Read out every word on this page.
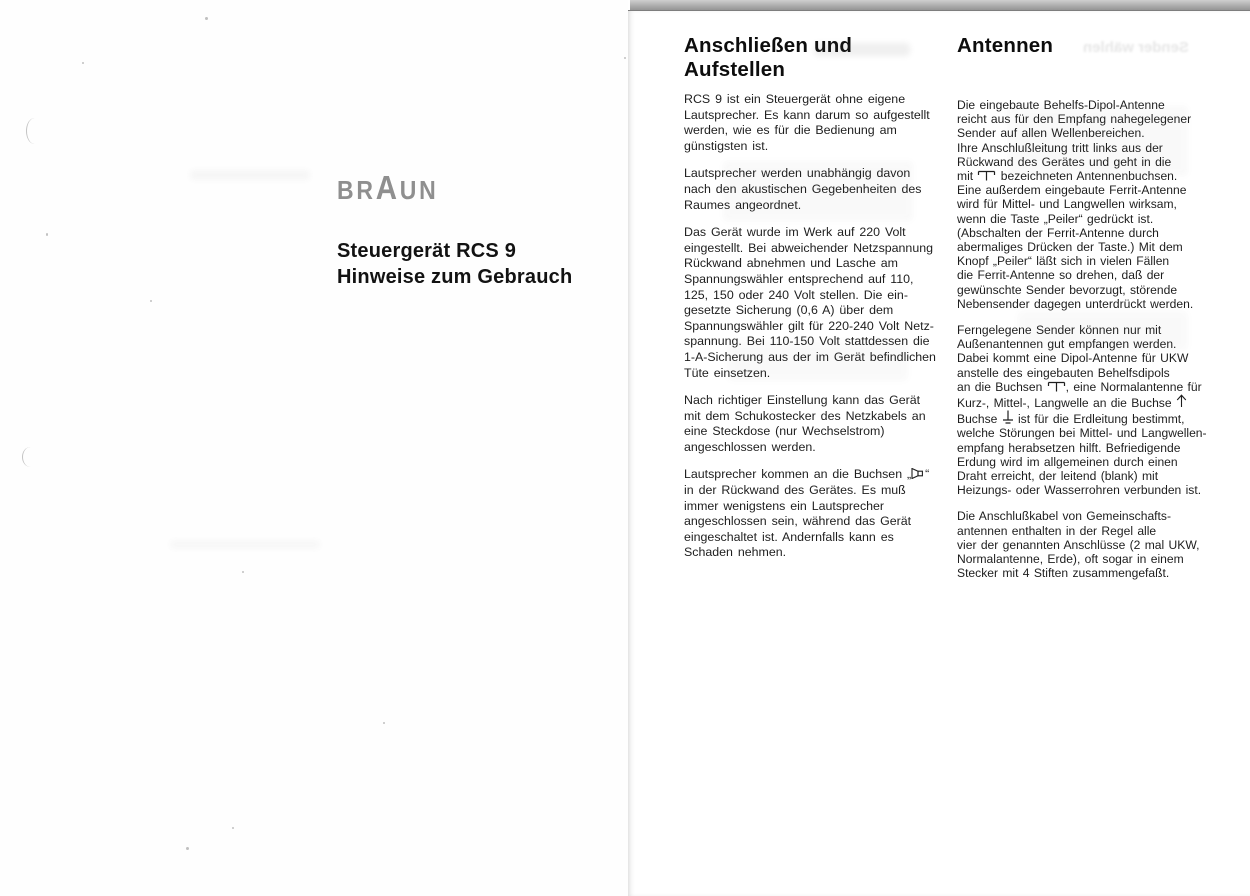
BRAUN
Steuergerät RCS 9
Hinweise zum Gebrauch
Anschließen und
Aufstellen
RCS 9 ist ein Steuergerät ohne eigene
Lautsprecher. Es kann darum so aufgestellt
werden, wie es für die Bedienung am
günstigsten ist.
Lautsprecher werden unabhängig davon
nach den akustischen Gegebenheiten des
Raumes angeordnet.
Das Gerät wurde im Werk auf 220 Volt
eingestellt. Bei abweichender Netzspannung
Rückwand abnehmen und Lasche am
Spannungswähler entsprechend auf 110,
125, 150 oder 240 Volt stellen. Die ein-
gesetzte Sicherung (0,6 A) über dem
Spannungswähler gilt für 220-240 Volt Netz-
spannung. Bei 110-150 Volt stattdessen die
1-A-Sicherung aus der im Gerät befindlichen
Tüte einsetzen.
Nach richtiger Einstellung kann das Gerät
mit dem Schukostecker des Netzkabels an
eine Steckdose (nur Wechselstrom)
angeschlossen werden.
Lautsprecher kommen an die Buchsen „ “
in der Rückwand des Gerätes. Es muß
immer wenigstens ein Lautsprecher
angeschlossen sein, während das Gerät
eingeschaltet ist. Andernfalls kann es
Schaden nehmen.
Antennen
Die eingebaute Behelfs-Dipol-Antenne
reicht aus für den Empfang nahegelegener
Sender auf allen Wellenbereichen.
Ihre Anschlußleitung tritt links aus der
Rückwand des Gerätes und geht in die
mit
bezeichneten Antennenbuchsen.
Eine außerdem eingebaute Ferrit-Antenne
wird für Mittel- und Langwellen wirksam,
wenn die Taste „Peiler“ gedrückt ist.
(Abschalten der Ferrit-Antenne durch
abermaliges Drücken der Taste.) Mit dem
Knopf „Peiler“ läßt sich in vielen Fällen
die Ferrit-Antenne so drehen, daß der
gewünschte Sender bevorzugt, störende
Nebensender dagegen unterdrückt werden.
Ferngelegene Sender können nur mit
Außenantennen gut empfangen werden.
Dabei kommt eine Dipol-Antenne für UKW
anstelle des eingebauten Behelfsdipols
an die Buchsen
, eine Normalantenne für
Kurz-, Mittel-, Langwelle an die Buchse
Buchse
ist für die Erdleitung bestimmt,
welche Störungen bei Mittel- und Langwellen-
empfang herabsetzen hilft. Befriedigende
Erdung wird im allgemeinen durch einen
Draht erreicht, der leitend (blank) mit
Heizungs- oder Wasserrohren verbunden ist.
Die Anschlußkabel von Gemeinschafts-
antennen enthalten in der Regel alle
vier der genannten Anschlüsse (2 mal UKW,
Normalantenne, Erde), oft sogar in einem
Stecker mit 4 Stiften zusammengefaßt.
Sender wählen
